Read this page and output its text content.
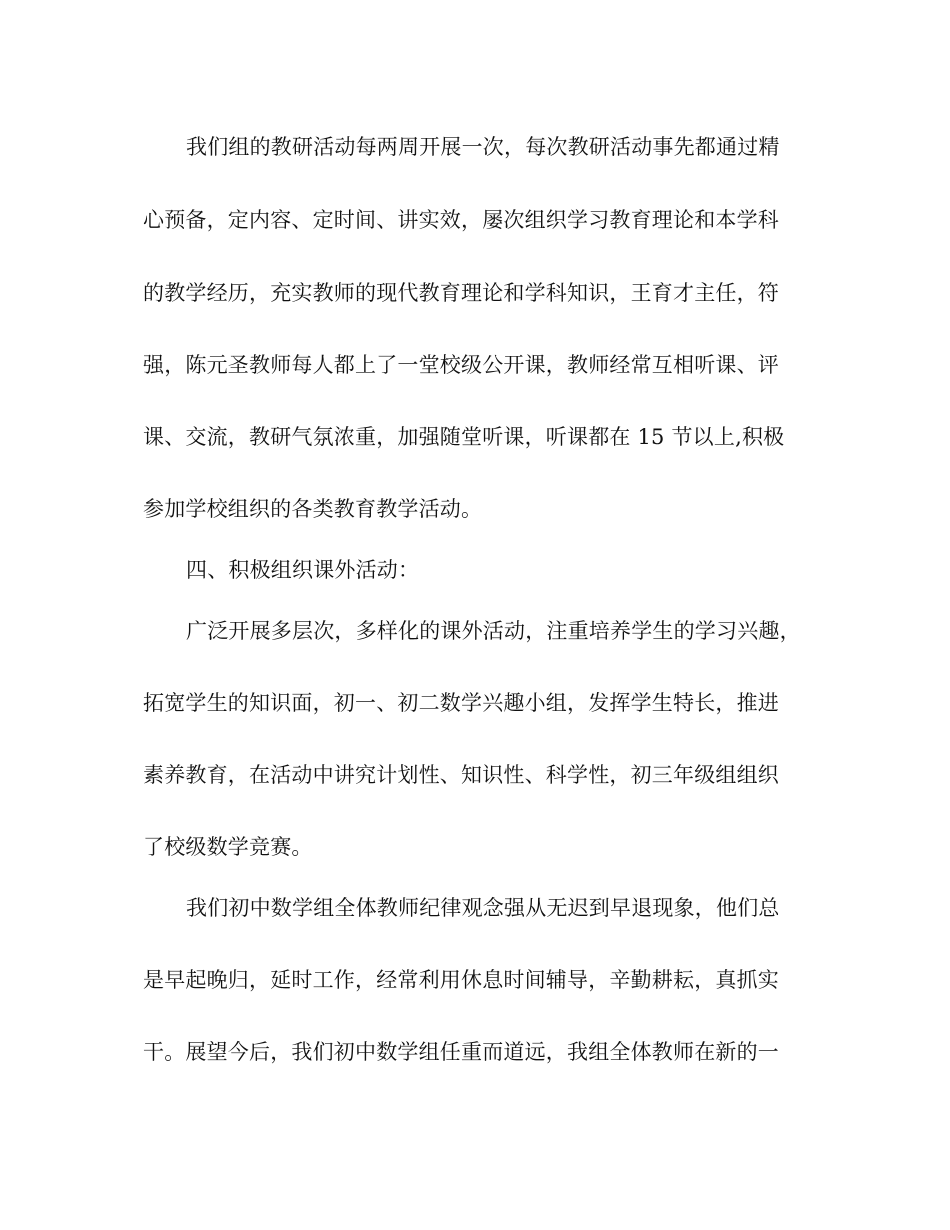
我们组的教研活动每两周开展一次，每次教研活动事先都通过精
心预备，定内容、定时间、讲实效，屡次组织学习教育理论和本学科
的教学经历，充实教师的现代教育理论和学科知识，王育才主任，符
强，陈元圣教师每人都上了一堂校级公开课，教师经常互相听课、评
课、交流，教研气氛浓重，加强随堂听课，听课都在 15 节以上,积极
参加学校组织的各类教育教学活动。
四、积极组织课外活动：
广泛开展多层次，多样化的课外活动，注重培养学生的学习兴趣，
拓宽学生的知识面，初一、初二数学兴趣小组，发挥学生特长，推进
素养教育，在活动中讲究计划性、知识性、科学性，初三年级组组织
了校级数学竞赛。
我们初中数学组全体教师纪律观念强从无迟到早退现象，他们总
是早起晚归，延时工作，经常利用休息时间辅导，辛勤耕耘，真抓实
干。展望今后，我们初中数学组任重而道远，我组全体教师在新的一
